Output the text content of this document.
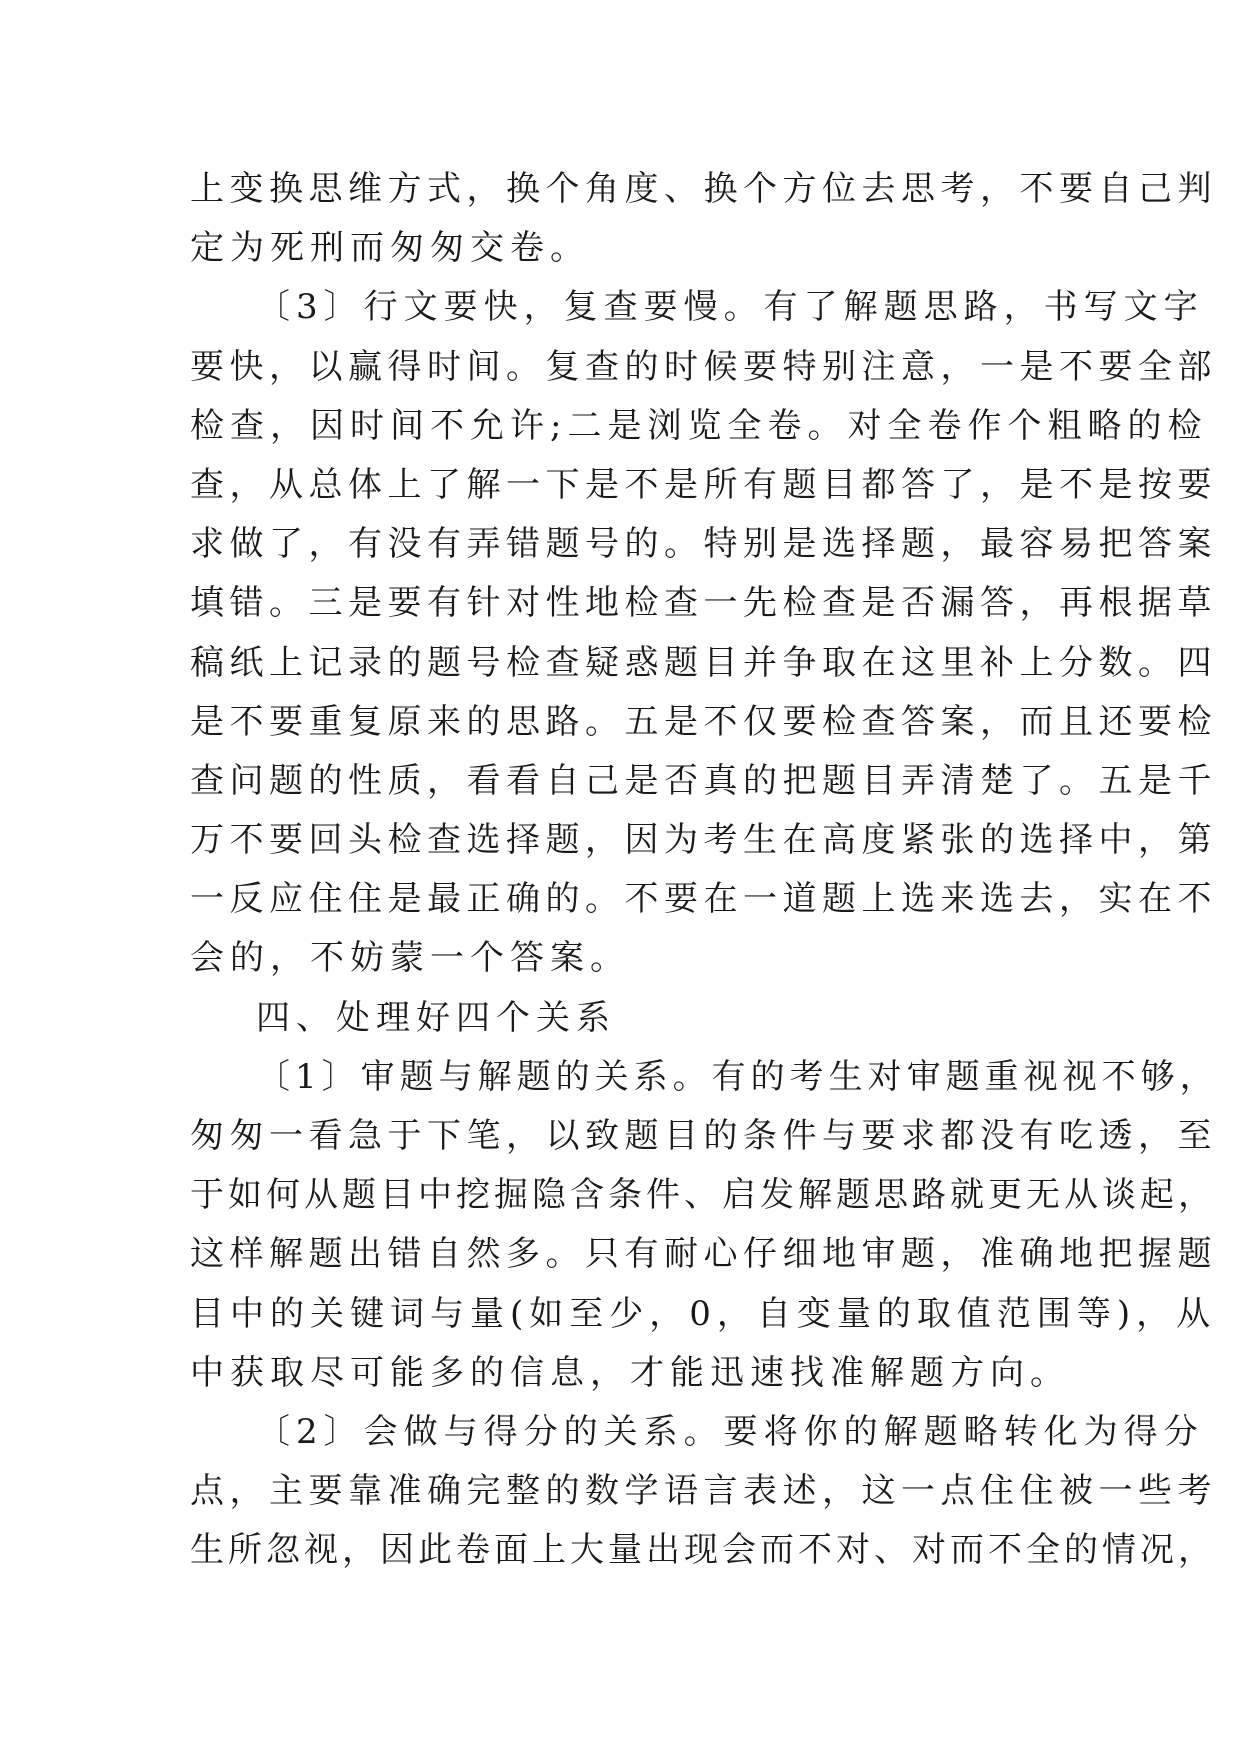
上变换思维方式，换个角度、换个方位去思考，不要自己判
定为死刑而匆匆交卷。
〔3〕行文要快，复查要慢。有了解题思路，书写文字
要快，以赢得时间。复查的时候要特别注意，一是不要全部
检查，因时间不允许;二是浏览全卷。对全卷作个粗略的检
查，从总体上了解一下是不是所有题目都答了，是不是按要
求做了，有没有弄错题号的。特别是选择题，最容易把答案
填错。三是要有针对性地检查一先检查是否漏答，再根据草
稿纸上记录的题号检查疑惑题目并争取在这里补上分数。四
是不要重复原来的思路。五是不仅要检查答案，而且还要检
查问题的性质，看看自己是否真的把题目弄清楚了。五是千
万不要回头检查选择题，因为考生在高度紧张的选择中，第
一反应住住是最正确的。不要在一道题上选来选去，实在不
会的，不妨蒙一个答案。
四、处理好四个关系
〔1〕审题与解题的关系。有的考生对审题重视视不够，
匆匆一看急于下笔，以致题目的条件与要求都没有吃透，至
于如何从题目中挖掘隐含条件、启发解题思路就更无从谈起，
这样解题出错自然多。只有耐心仔细地审题，准确地把握题
目中的关键词与量(如至少，0，自变量的取值范围等)，从
中获取尽可能多的信息，才能迅速找准解题方向。
〔2〕会做与得分的关系。要将你的解题略转化为得分
点，主要靠准确完整的数学语言表述，这一点住住被一些考
生所忽视，因此卷面上大量出现会而不对、对而不全的情况，
